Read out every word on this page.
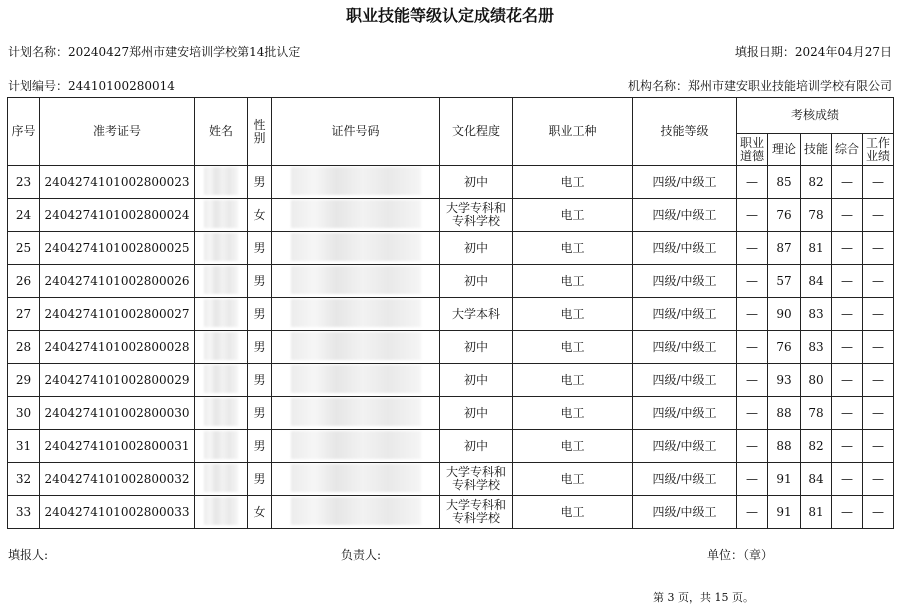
职业技能等级认定成绩花名册
计划名称：20240427郑州市建安培训学校第14批认定	填报日期：2024年04月27日
计划编号：24410100280014	机构名称：郑州市建安职业技能培训学校有限公司
序号	准考证号	姓名	性别	证件号码	文化程度	职业工种	技能等级	考核成绩				
								职业道德	理论	技能	综合	工作业绩
23	2404274101002800023		男		初中	电工	四级/中级工	—	85	82	—	—
24	2404274101002800024		女		大学专科和专科学校	电工	四级/中级工	—	76	78	—	—
25	2404274101002800025		男		初中	电工	四级/中级工	—	87	81	—	—
26	2404274101002800026		男		初中	电工	四级/中级工	—	57	84	—	—
27	2404274101002800027		男		大学本科	电工	四级/中级工	—	90	83	—	—
28	2404274101002800028		男		初中	电工	四级/中级工	—	76	83	—	—
29	2404274101002800029		男		初中	电工	四级/中级工	—	93	80	—	—
30	2404274101002800030		男		初中	电工	四级/中级工	—	88	78	—	—
31	2404274101002800031		男		初中	电工	四级/中级工	—	88	82	—	—
32	2404274101002800032		男		大学专科和专科学校	电工	四级/中级工	—	91	84	—	—
33	2404274101002800033		女		大学专科和专科学校	电工	四级/中级工	—	91	81	—	—
填报人:	负责人:	单位：（章）
第 3 页，共 15 页。
